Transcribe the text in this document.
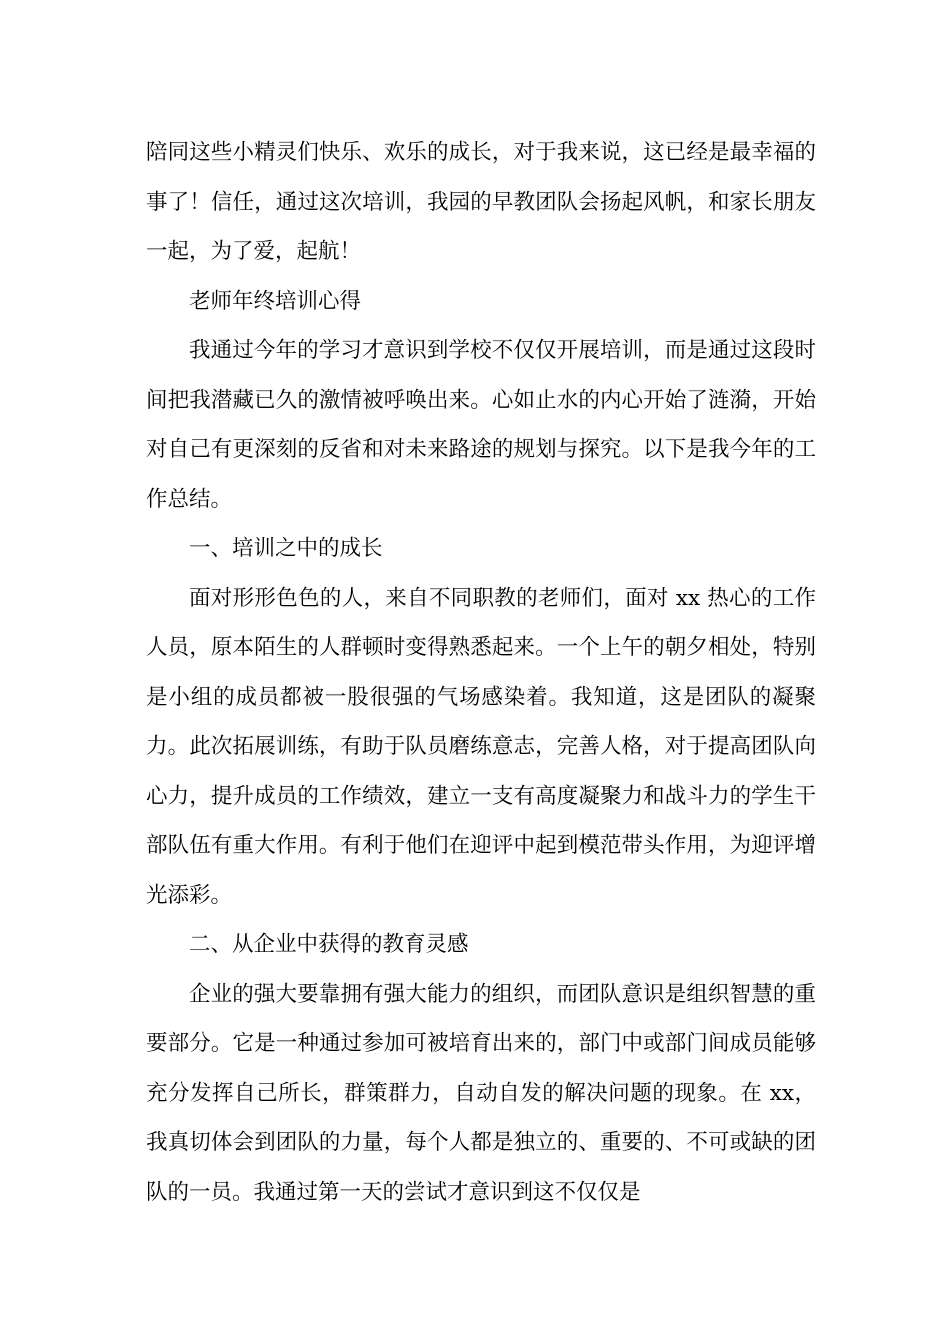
陪同这些小精灵们快乐、欢乐的成长，对于我来说，这已经是最幸福的事了！信任，通过这次培训，我园的早教团队会扬起风帆，和家长朋友一起，为了爱，起航！

老师年终培训心得

我通过今年的学习才意识到学校不仅仅开展培训，而是通过这段时间把我潜藏已久的激情被呼唤出来。心如止水的内心开始了涟漪，开始对自己有更深刻的反省和对未来路途的规划与探究。以下是我今年的工作总结。

一、培训之中的成长

面对形形色色的人，来自不同职教的老师们，面对 xx 热心的工作人员，原本陌生的人群顿时变得熟悉起来。一个上午的朝夕相处，特别是小组的成员都被一股很强的气场感染着。我知道，这是团队的凝聚力。此次拓展训练，有助于队员磨练意志，完善人格，对于提高团队向心力，提升成员的工作绩效，建立一支有高度凝聚力和战斗力的学生干部队伍有重大作用。有利于他们在迎评中起到模范带头作用，为迎评增光添彩。

二、从企业中获得的教育灵感

企业的强大要靠拥有强大能力的组织，而团队意识是组织智慧的重要部分。它是一种通过参加可被培育出来的，部门中或部门间成员能够充分发挥自己所长，群策群力，自动自发的解决问题的现象。在 xx，我真切体会到团队的力量，每个人都是独立的、重要的、不可或缺的团队的一员。我通过第一天的尝试才意识到这不仅仅是
